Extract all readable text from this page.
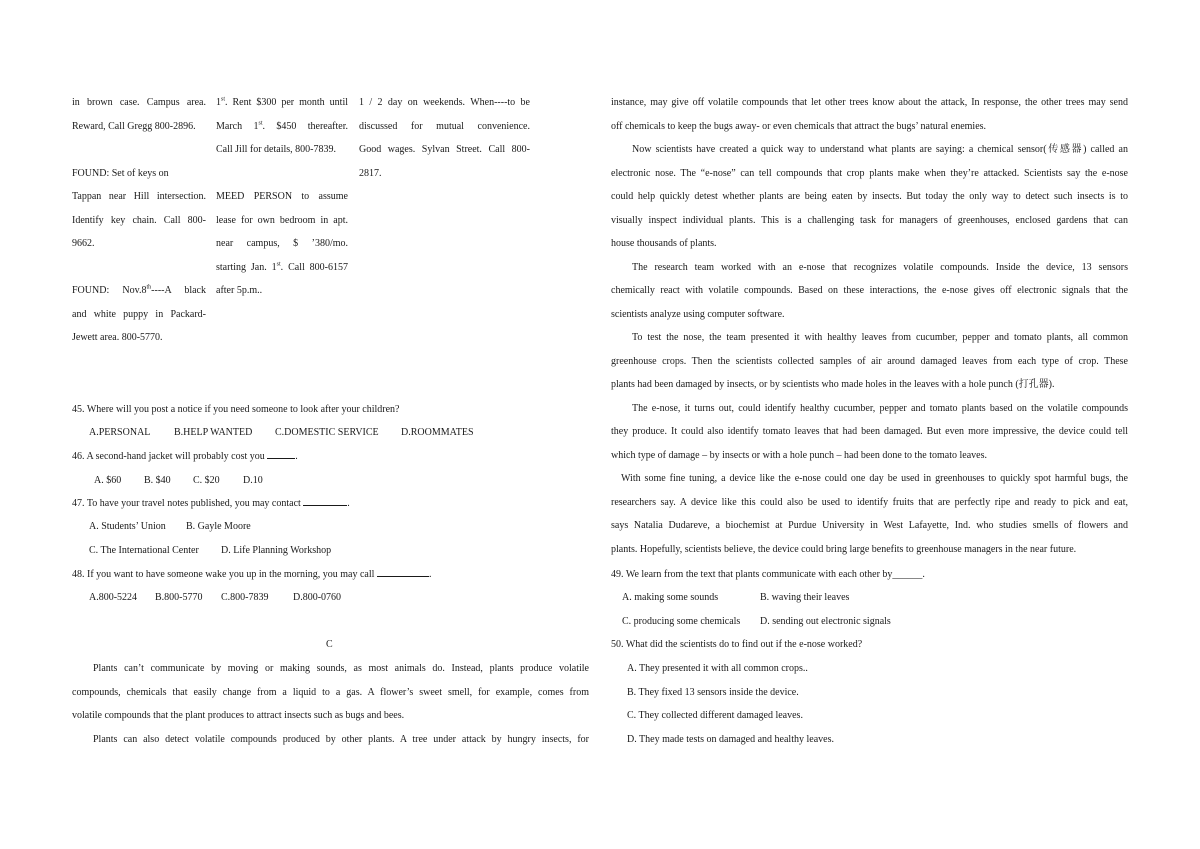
in brown case. Campus area.
Reward, Call Gregg 800-2896.
FOUND: Set of keys on
Tappan near Hill intersection.
Identify key chain. Call 800-
9662.
FOUND: Nov.8th----A black
and white puppy in Packard-
Jewett area. 800-5770.
1st. Rent $300 per month until
March 1st. $450 thereafter.
Call Jill for details, 800-7839.
MEED PERSON to assume
lease for own bedroom in apt.
near campus, $ ’380/mo.
starting Jan. 1st. Call 800-6157
after 5p.m..
1 / 2 day on weekends. When----to be
discussed for mutual convenience.
Good wages. Sylvan Street. Call 800-
2817.
45. Where will you post a notice if you need someone to look after your children?
A.PERSONAL B.HELP WANTED C.DOMESTIC SERVICE D.ROOMMATES
46. A second-hand jacket will probably cost you	.
A. $60 B. $40 C. $20 D.10
47. To have your travel notes published, you may contact	.
A. Students’ Union B. Gayle Moore
C. The International Center D. Life Planning Workshop
48. If you want to have someone wake you up in the morning, you may call	.
A.800-5224 B.800-5770 C.800-7839 D.800-0760
C
Plants can’t communicate by moving or making sounds, as most animals do. Instead, plants produce volatile
compounds, chemicals that easily change from a liquid to a gas. A flower’s sweet smell, for example, comes from
volatile compounds that the plant produces to attract insects such as bugs and bees.
Plants can also detect volatile compounds produced by other plants. A tree under attack by hungry insects, for
instance, may give off volatile compounds that let other trees know about the attack, In response, the other trees may send
off chemicals to keep the bugs away- or even chemicals that attract the bugs’ natural enemies.
Now scientists have created a quick way to understand what plants are saying: a chemical sensor(传感器) called an
electronic nose. The “e-nose” can tell compounds that crop plants make when they’re attacked. Scientists say the e-nose
could help quickly detest whether plants are being eaten by insects. But today the only way to detect such insects is to
visually inspect individual plants. This is a challenging task for managers of greenhouses, enclosed gardens that can
house thousands of plants.
The research team worked with an e-nose that recognizes volatile compounds. Inside the device, 13 sensors
chemically react with volatile compounds. Based on these interactions, the e-nose gives off electronic signals that the
scientists analyze using computer software.
To test the nose, the team presented it with healthy leaves from cucumber, pepper and tomato plants, all common
greenhouse crops. Then the scientists collected samples of air around damaged leaves from each type of crop. These
plants had been damaged by insects, or by scientists who made holes in the leaves with a hole punch (打孔器).
The e-nose, it turns out, could identify healthy cucumber, pepper and tomato plants based on the volatile compounds
they produce. It could also identify tomato leaves that had been damaged. But even more impressive, the device could tell
which type of damage – by insects or with a hole punch – had been done to the tomato leaves.
With some fine tuning, a device like the e-nose could one day be used in greenhouses to quickly spot harmful bugs, the
researchers say. A device like this could also be used to identify fruits that are perfectly ripe and ready to pick and eat,
says Natalia Dudareve, a biochemist at Purdue University in West Lafayette, Ind. who studies smells of flowers and
plants. Hopefully, scientists believe, the device could bring large benefits to greenhouse managers in the near future.
49. We learn from the text that plants communicate with each other by______.
A. making some sounds	B. waving their leaves
C. producing some chemicals D. sending out electronic signals
50. What did the scientists do to find out if the e-nose worked?
A. They presented it with all common crops..
B. They fixed 13 sensors inside the device.
C. They collected different damaged leaves.
D. They made tests on damaged and healthy leaves.
